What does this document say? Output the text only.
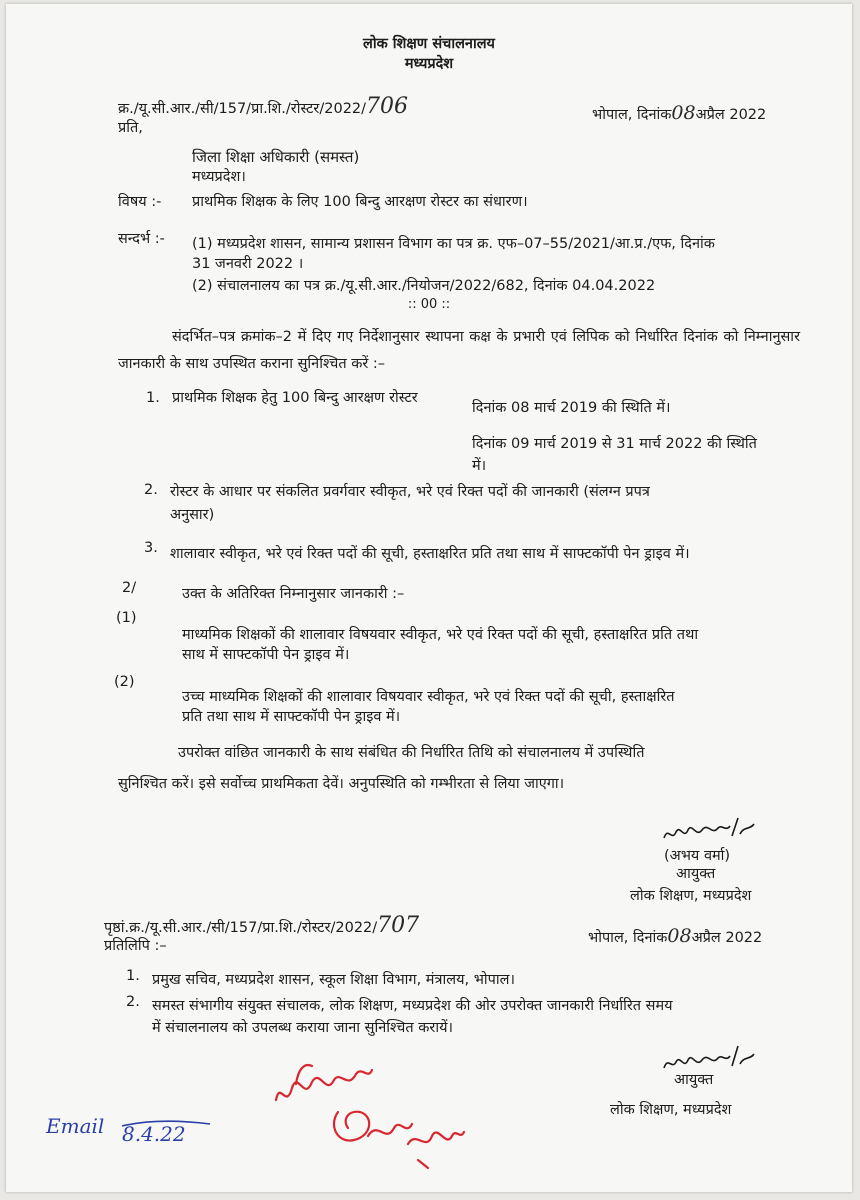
लोक शिक्षण संचालनालय
मध्यप्रदेश
क्र./यू.सी.आर./सी/157/प्रा.शि./रोस्टर/2022/706	भोपाल, दिनांक08अप्रैल 2022
प्रति,
जिला शिक्षा अधिकारी (समस्त)
मध्यप्रदेश।
विषय :- प्राथमिक शिक्षक के लिए 100 बिन्दु आरक्षण रोस्टर का संधारण।
सन्दर्भ :- (1) मध्यप्रदेश शासन, सामान्य प्रशासन विभाग का पत्र क्र. एफ–07–55/2021/आ.प्र./एफ, दिनांक
31 जनवरी 2022 ।
(2) संचालनालय का पत्र क्र./यू.सी.आर./नियोजन/2022/682, दिनांक 04.04.2022
:: 00 ::
संदर्भित–पत्र क्रमांक–2 में दिए गए निर्देशानुसार स्थापना कक्ष के प्रभारी एवं लिपिक को निर्धारित दिनांक को निम्नानुसार जानकारी के साथ उपस्थित कराना सुनिश्चित करें :–
1. प्राथमिक शिक्षक हेतु 100 बिन्दु आरक्षण रोस्टर
दिनांक 08 मार्च 2019 की स्थिति में।
दिनांक 09 मार्च 2019 से 31 मार्च 2022 की स्थिति
में।
2. रोस्टर के आधार पर संकलित प्रवर्गवार स्वीकृत, भरे एवं रिक्त पदों की जानकारी (संलग्न प्रपत्र
अनुसार)
3. शालावार स्वीकृत, भरे एवं रिक्त पदों की सूची, हस्ताक्षरित प्रति तथा साथ में साफ्टकॉपी पेन ड्राइव में।
2/	उक्त के अतिरिक्त निम्नानुसार जानकारी :–
(1)
माध्यमिक शिक्षकों की शालावार विषयवार स्वीकृत, भरे एवं रिक्त पदों की सूची, हस्ताक्षरित प्रति तथा
साथ में साफ्टकॉपी पेन ड्राइव में।
(2)
उच्च माध्यमिक शिक्षकों की शालावार विषयवार स्वीकृत, भरे एवं रिक्त पदों की सूची, हस्ताक्षरित
प्रति तथा साथ में साफ्टकॉपी पेन ड्राइव में।
उपरोक्त वांछित जानकारी के साथ संबंधित की निर्धारित तिथि को संचालनालय में उपस्थिति
सुनिश्चित करें। इसे सर्वोच्च प्राथमिकता देवें। अनुपस्थिति को गम्भीरता से लिया जाएगा।
(अभय वर्मा)
आयुक्त
लोक शिक्षण, मध्यप्रदेश
पृष्ठां.क्र./यू.सी.आर./सी/157/प्रा.शि./रोस्टर/2022/707
प्रतिलिपि :–	भोपाल, दिनांक08अप्रैल 2022
1. प्रमुख सचिव, मध्यप्रदेश शासन, स्कूल शिक्षा विभाग, मंत्रालय, भोपाल।
2. समस्त संभागीय संयुक्त संचालक, लोक शिक्षण, मध्यप्रदेश की ओर उपरोक्त जानकारी निर्धारित समय
में संचालनालय को उपलब्ध कराया जाना सुनिश्चित करायें।
आयुक्त
लोक शिक्षण, मध्यप्रदेश
Email 8.4.22
